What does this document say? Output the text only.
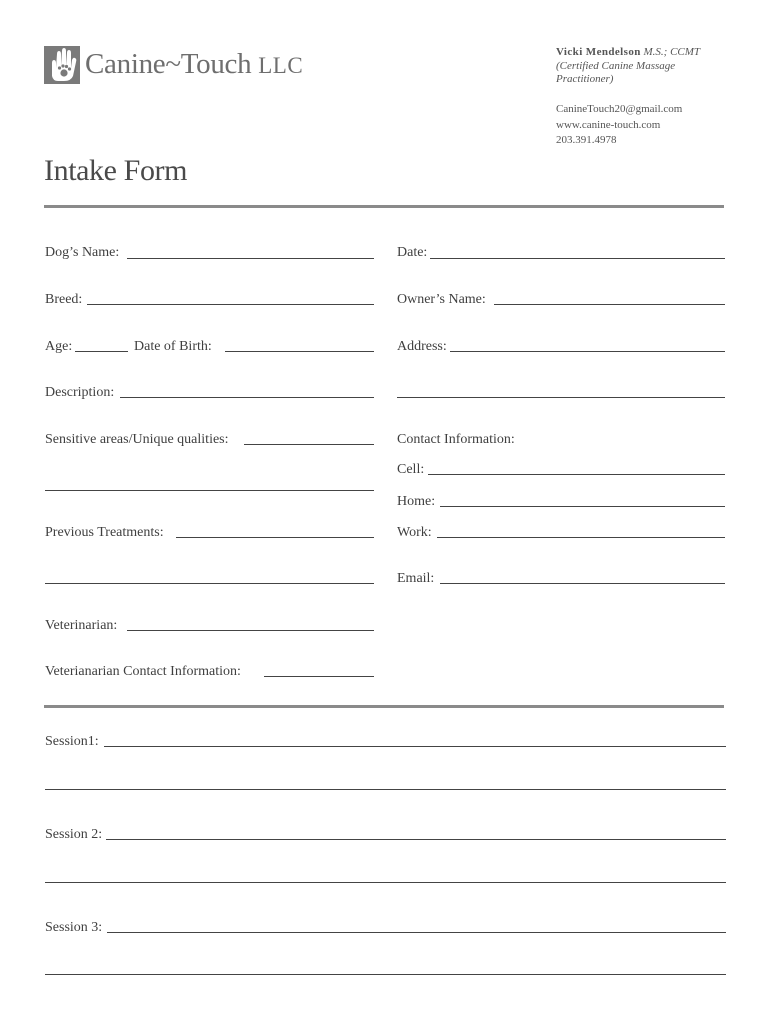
Canine~Touch LLC
Vicki Mendelson M.S.; CCMT
(Certified Canine Massage
Practitioner)
CanineTouch20@gmail.com
www.canine-touch.com
203.391.4978
Intake Form
Dog’s Name:
Breed:
Age:	Date of Birth:
Description:
Sensitive areas/Unique qualities:
Previous Treatments:
Veterinarian:
Veterianarian Contact Information:
Date:
Owner’s Name:
Address:
Contact Information:
Cell:
Home:
Work:
Email:
Session1:
Session 2:
Session 3:
